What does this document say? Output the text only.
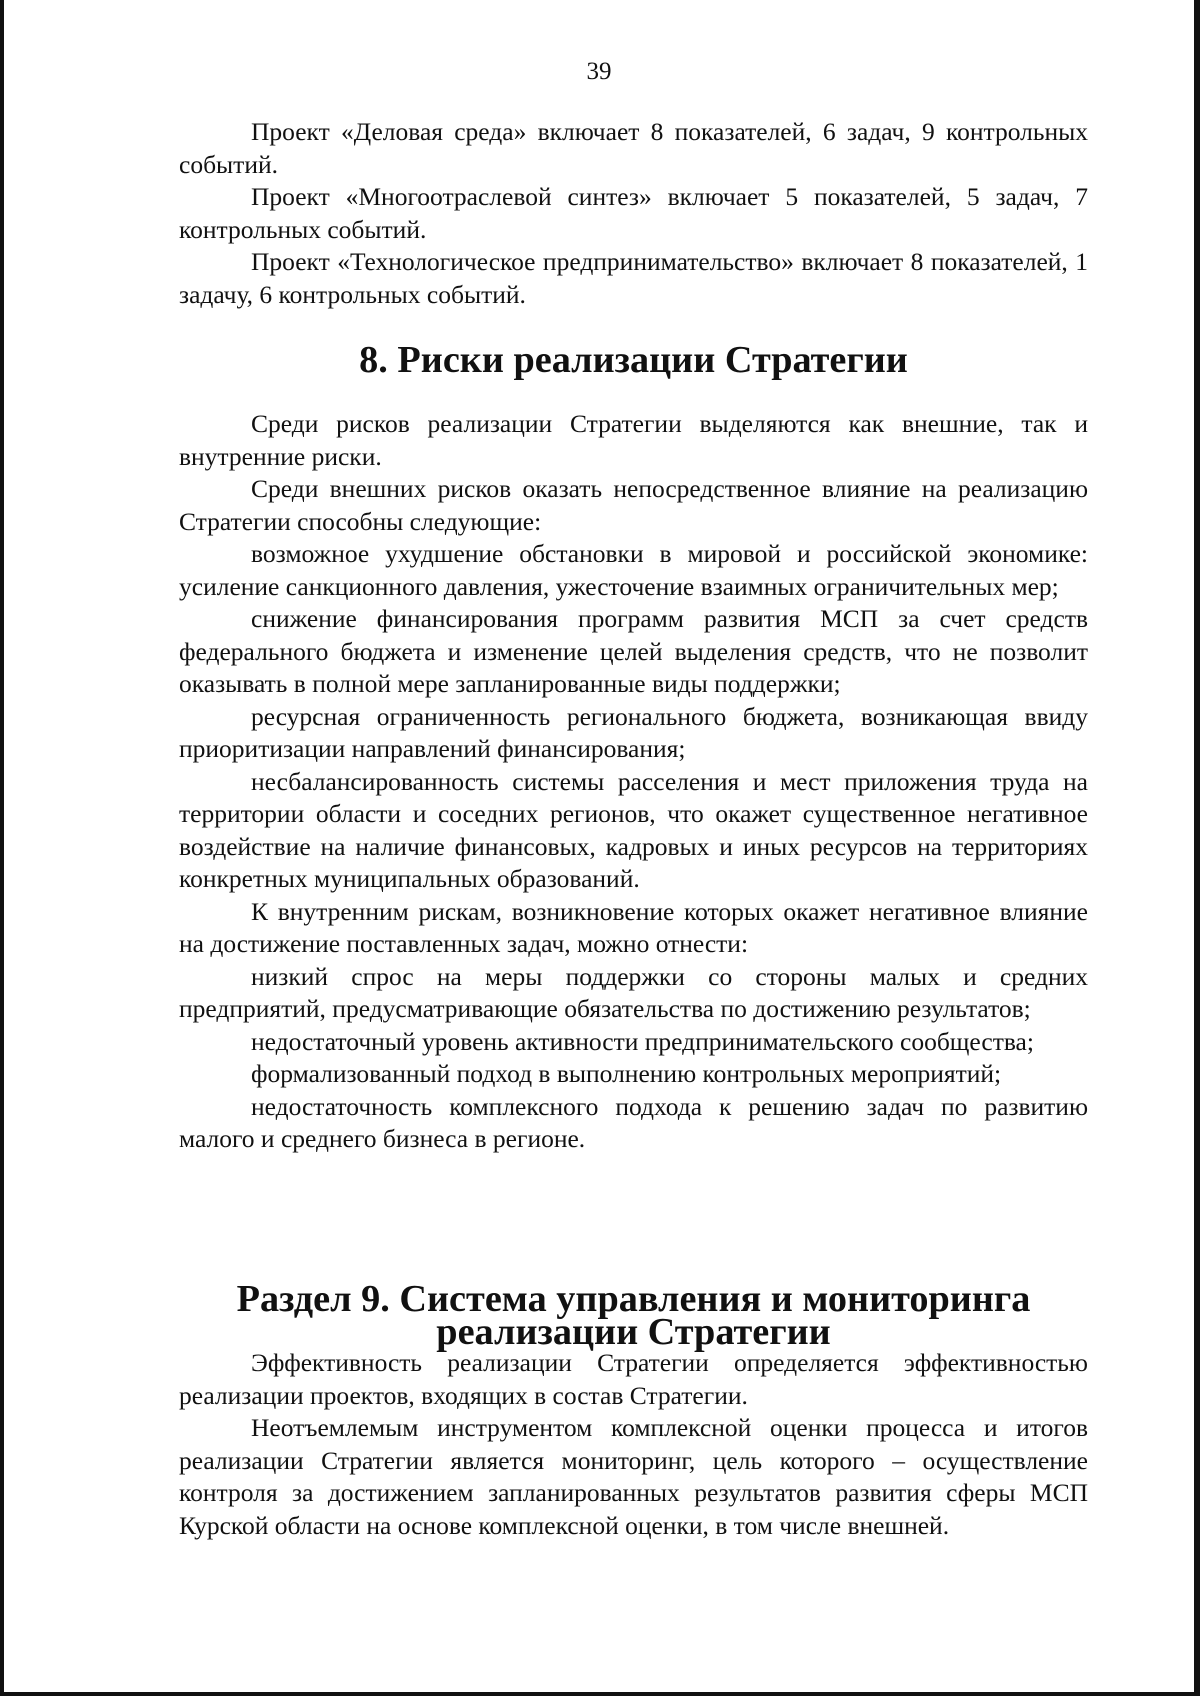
39

Проект «Деловая среда» включает 8 показателей, 6 задач, 9 контрольных событий.

Проект «Многоотраслевой синтез» включает 5 показателей, 5 задач, 7 контрольных событий.

Проект «Технологическое предпринимательство» включает 8 показателей, 1 задачу, 6 контрольных событий.

8. Риски реализации Стратегии

Среди рисков реализации Стратегии выделяются как внешние, так и внутренние риски.

Среди внешних рисков оказать непосредственное влияние на реализацию Стратегии способны следующие:

возможное ухудшение обстановки в мировой и российской экономике: усиление санкционного давления, ужесточение взаимных ограничительных мер;

снижение финансирования программ развития МСП за счет средств федерального бюджета и изменение целей выделения средств, что не позволит оказывать в полной мере запланированные виды поддержки;

ресурсная ограниченность регионального бюджета, возникающая ввиду приоритизации направлений финансирования;

несбалансированность системы расселения и мест приложения труда на территории области и соседних регионов, что окажет существенное негативное воздействие на наличие финансовых, кадровых и иных ресурсов на территориях конкретных муниципальных образований.

К внутренним рискам, возникновение которых окажет негативное влияние на достижение поставленных задач, можно отнести:

низкий спрос на меры поддержки со стороны малых и средних предприятий, предусматривающие обязательства по достижению результатов;

недостаточный уровень активности предпринимательского сообщества;

формализованный подход в выполнению контрольных мероприятий;

недостаточность комплексного подхода к решению задач по развитию малого и среднего бизнеса в регионе.

Раздел 9. Система управления и мониторинга реализации Стратегии

Эффективность реализации Стратегии определяется эффективностью реализации проектов, входящих в состав Стратегии.

Неотъемлемым инструментом комплексной оценки процесса и итогов реализации Стратегии является мониторинг, цель которого – осуществление контроля за достижением запланированных результатов развития сферы МСП Курской области на основе комплексной оценки, в том числе внешней.
